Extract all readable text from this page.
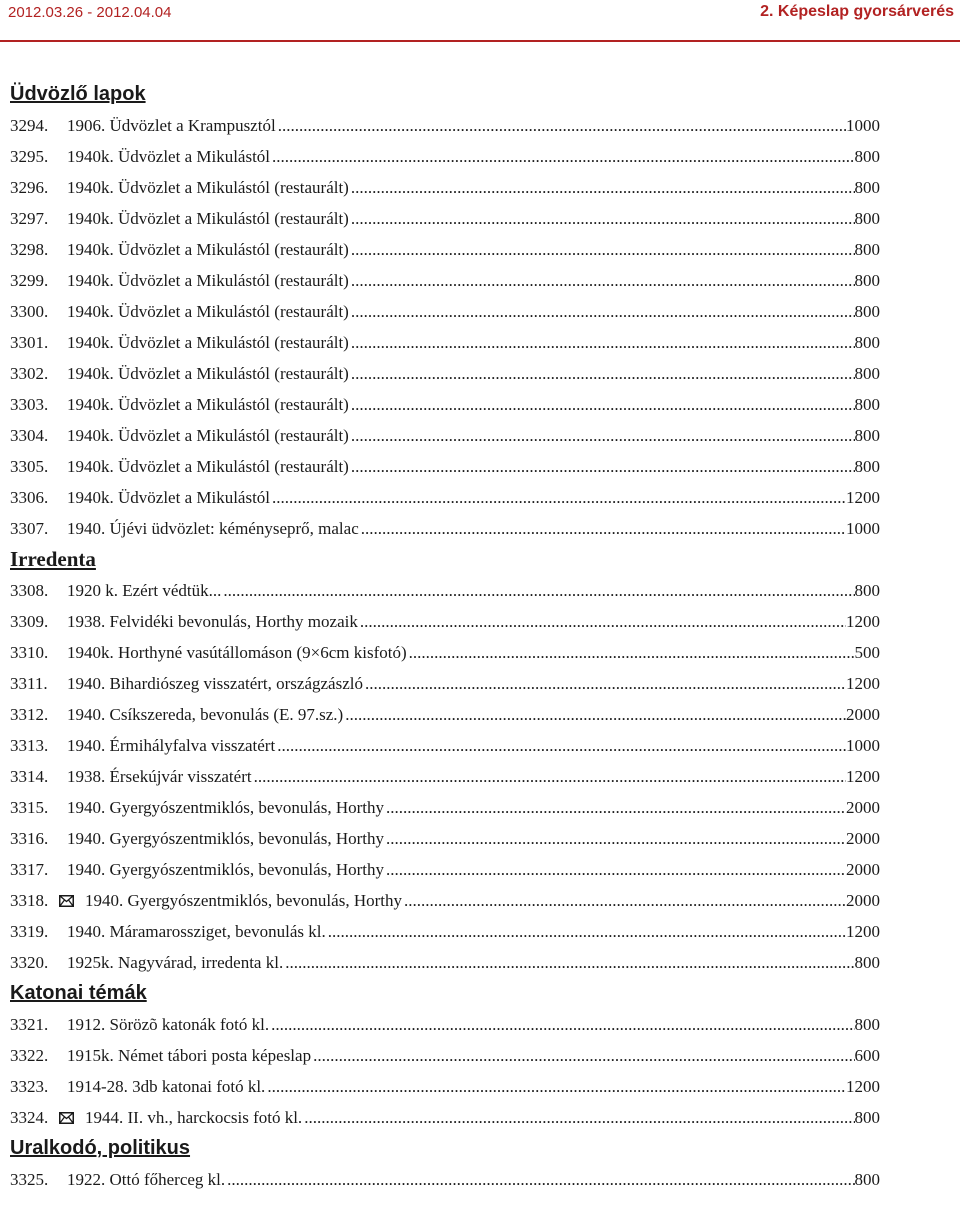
2012.03.26 - 2012.04.04	2. Képeslap gyorsárverés
Üdvözlő lapok
3294.	1906. Üdvözlet a Krampusztól .....	1000
3295.	1940k. Üdvözlet a Mikulástól .....	800
3296.	1940k. Üdvözlet a Mikulástól (restaurált) .....	800
3297.	1940k. Üdvözlet a Mikulástól (restaurált) .....	800
3298.	1940k. Üdvözlet a Mikulástól (restaurált) .....	800
3299.	1940k. Üdvözlet a Mikulástól (restaurált) .....	800
3300.	1940k. Üdvözlet a Mikulástól (restaurált) .....	800
3301.	1940k. Üdvözlet a Mikulástól (restaurált) .....	800
3302.	1940k. Üdvözlet a Mikulástól (restaurált) .....	800
3303.	1940k. Üdvözlet a Mikulástól (restaurált) .....	800
3304.	1940k. Üdvözlet a Mikulástól (restaurált) .....	800
3305.	1940k. Üdvözlet a Mikulástól (restaurált) .....	800
3306.	1940k. Üdvözlet a Mikulástól .....	1200
3307.	1940. Újévi üdvözlet: kéményseprő, malac .....	1000
Irredenta
3308.	1920 k. Ezért védtük... .....	800
3309.	1938. Felvidéki bevonulás, Horthy mozaik .....	1200
3310.	1940k. Horthyné vasútállomáson (9×6cm kisfotó) .....	500
3311.	1940. Bihardiószeg visszatért, országzászló .....	1200
3312.	1940. Csíkszereda, bevonulás (E. 97.sz.) .....	2000
3313.	1940. Érmihályfalva visszatért .....	1000
3314.	1938. Érsekújvár visszatért .....	1200
3315.	1940. Gyergyószentmiklós, bevonulás, Horthy .....	2000
3316.	1940. Gyergyószentmiklós, bevonulás, Horthy .....	2000
3317.	1940. Gyergyószentmiklós, bevonulás, Horthy .....	2000
3318.	1940. Gyergyószentmiklós, bevonulás, Horthy .....	2000
3319.	1940. Máramarossziget, bevonulás kl. .....	1200
3320.	1925k. Nagyvárad, irredenta kl. .....	800
Katonai témák
3321.	1912. Sörözõ katonák fotó kl. .....	800
3322.	1915k. Német tábori posta képeslap .....	600
3323.	1914-28. 3db katonai fotó kl. .....	1200
3324.	1944. II. vh., harckocsis fotó kl. .....	800
Uralkodó, politikus
3325.	1922. Ottó főherceg kl. .....	800
